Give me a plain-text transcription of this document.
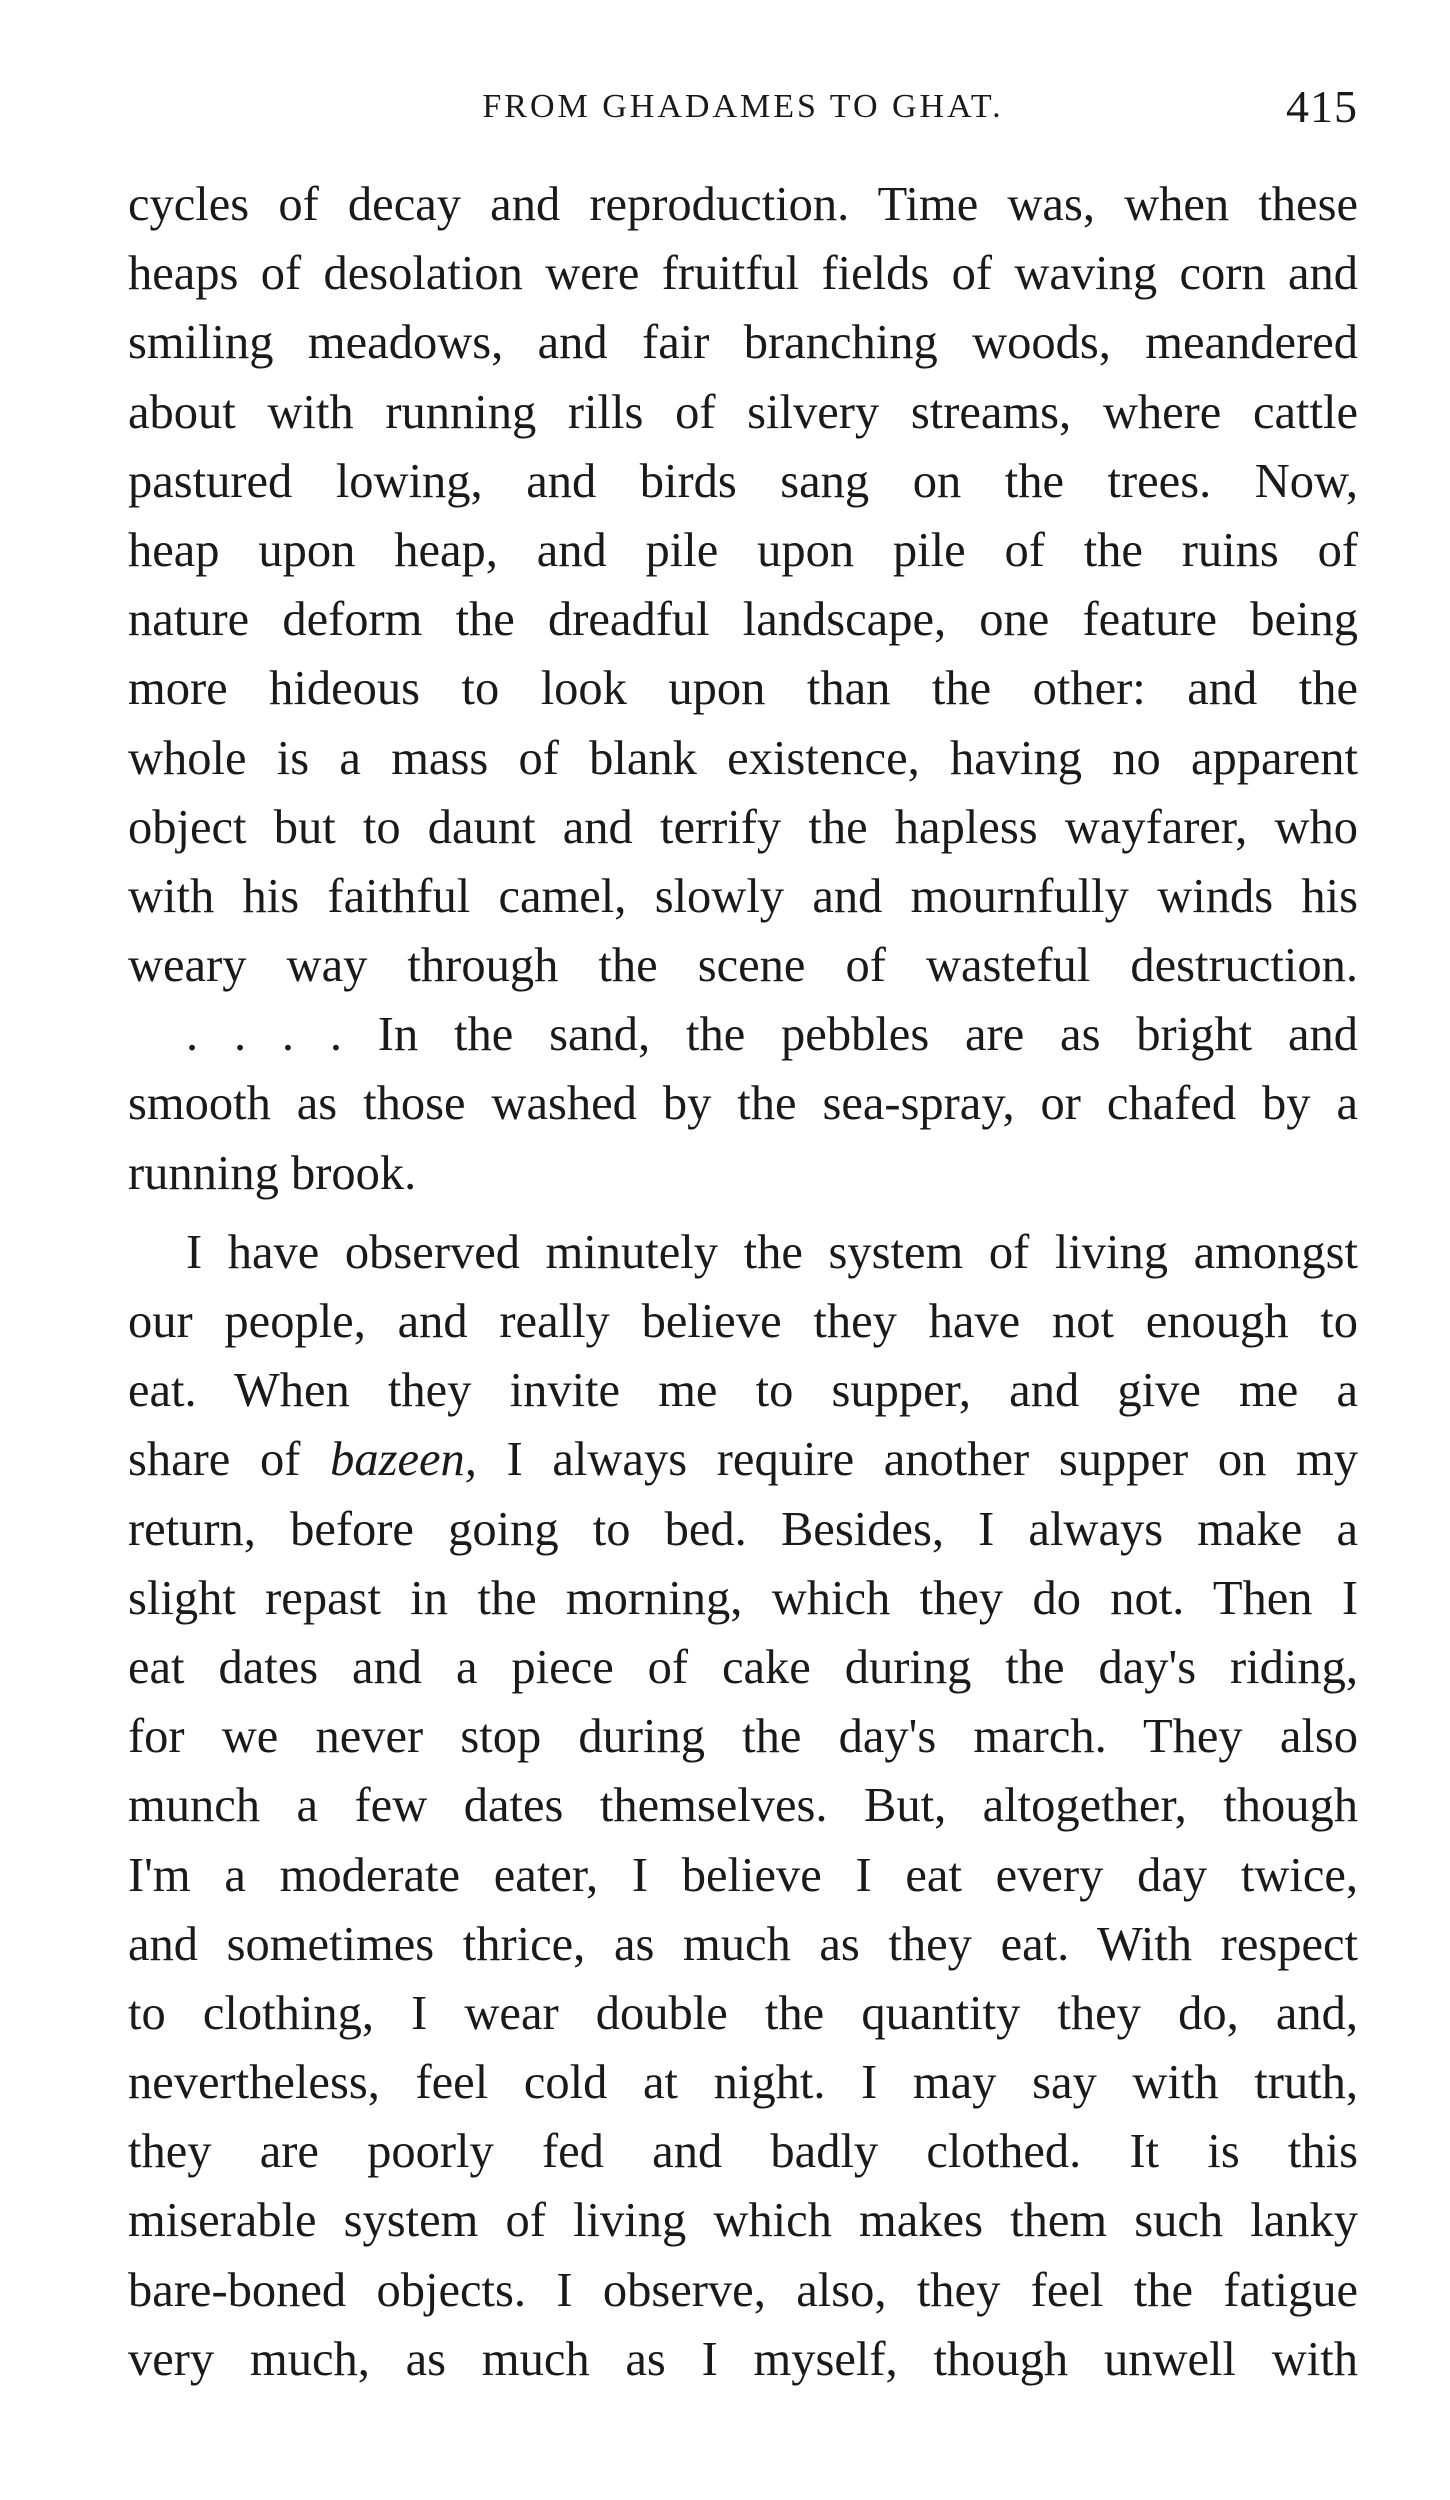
FROM GHADAMES TO GHAT.	415
cycles of decay and reproduction. Time was, when these
heaps of desolation were fruitful fields of waving corn and
smiling meadows, and fair branching woods, meandered
about with running rills of silvery streams, where cattle
pastured lowing, and birds sang on the trees. Now,
heap upon heap, and pile upon pile of the ruins of
nature deform the dreadful landscape, one feature being
more hideous to look upon than the other: and the
whole is a mass of blank existence, having no apparent
object but to daunt and terrify the hapless wayfarer, who
with his faithful camel, slowly and mournfully winds his
weary way through the scene of wasteful destruction.
. . . . In the sand, the pebbles are as bright and
smooth as those washed by the sea-spray, or chafed by a
running brook.
I have observed minutely the system of living amongst
our people, and really believe they have not enough to
eat. When they invite me to supper, and give me a
share of bazeen, I always require another supper on my
return, before going to bed. Besides, I always make a
slight repast in the morning, which they do not. Then I
eat dates and a piece of cake during the day's riding,
for we never stop during the day's march. They also
munch a few dates themselves. But, altogether, though
I'm a moderate eater, I believe I eat every day twice,
and sometimes thrice, as much as they eat. With respect
to clothing, I wear double the quantity they do, and,
nevertheless, feel cold at night. I may say with truth,
they are poorly fed and badly clothed. It is this
miserable system of living which makes them such lanky
bare-boned objects. I observe, also, they feel the fatigue
very much, as much as I myself, though unwell with
